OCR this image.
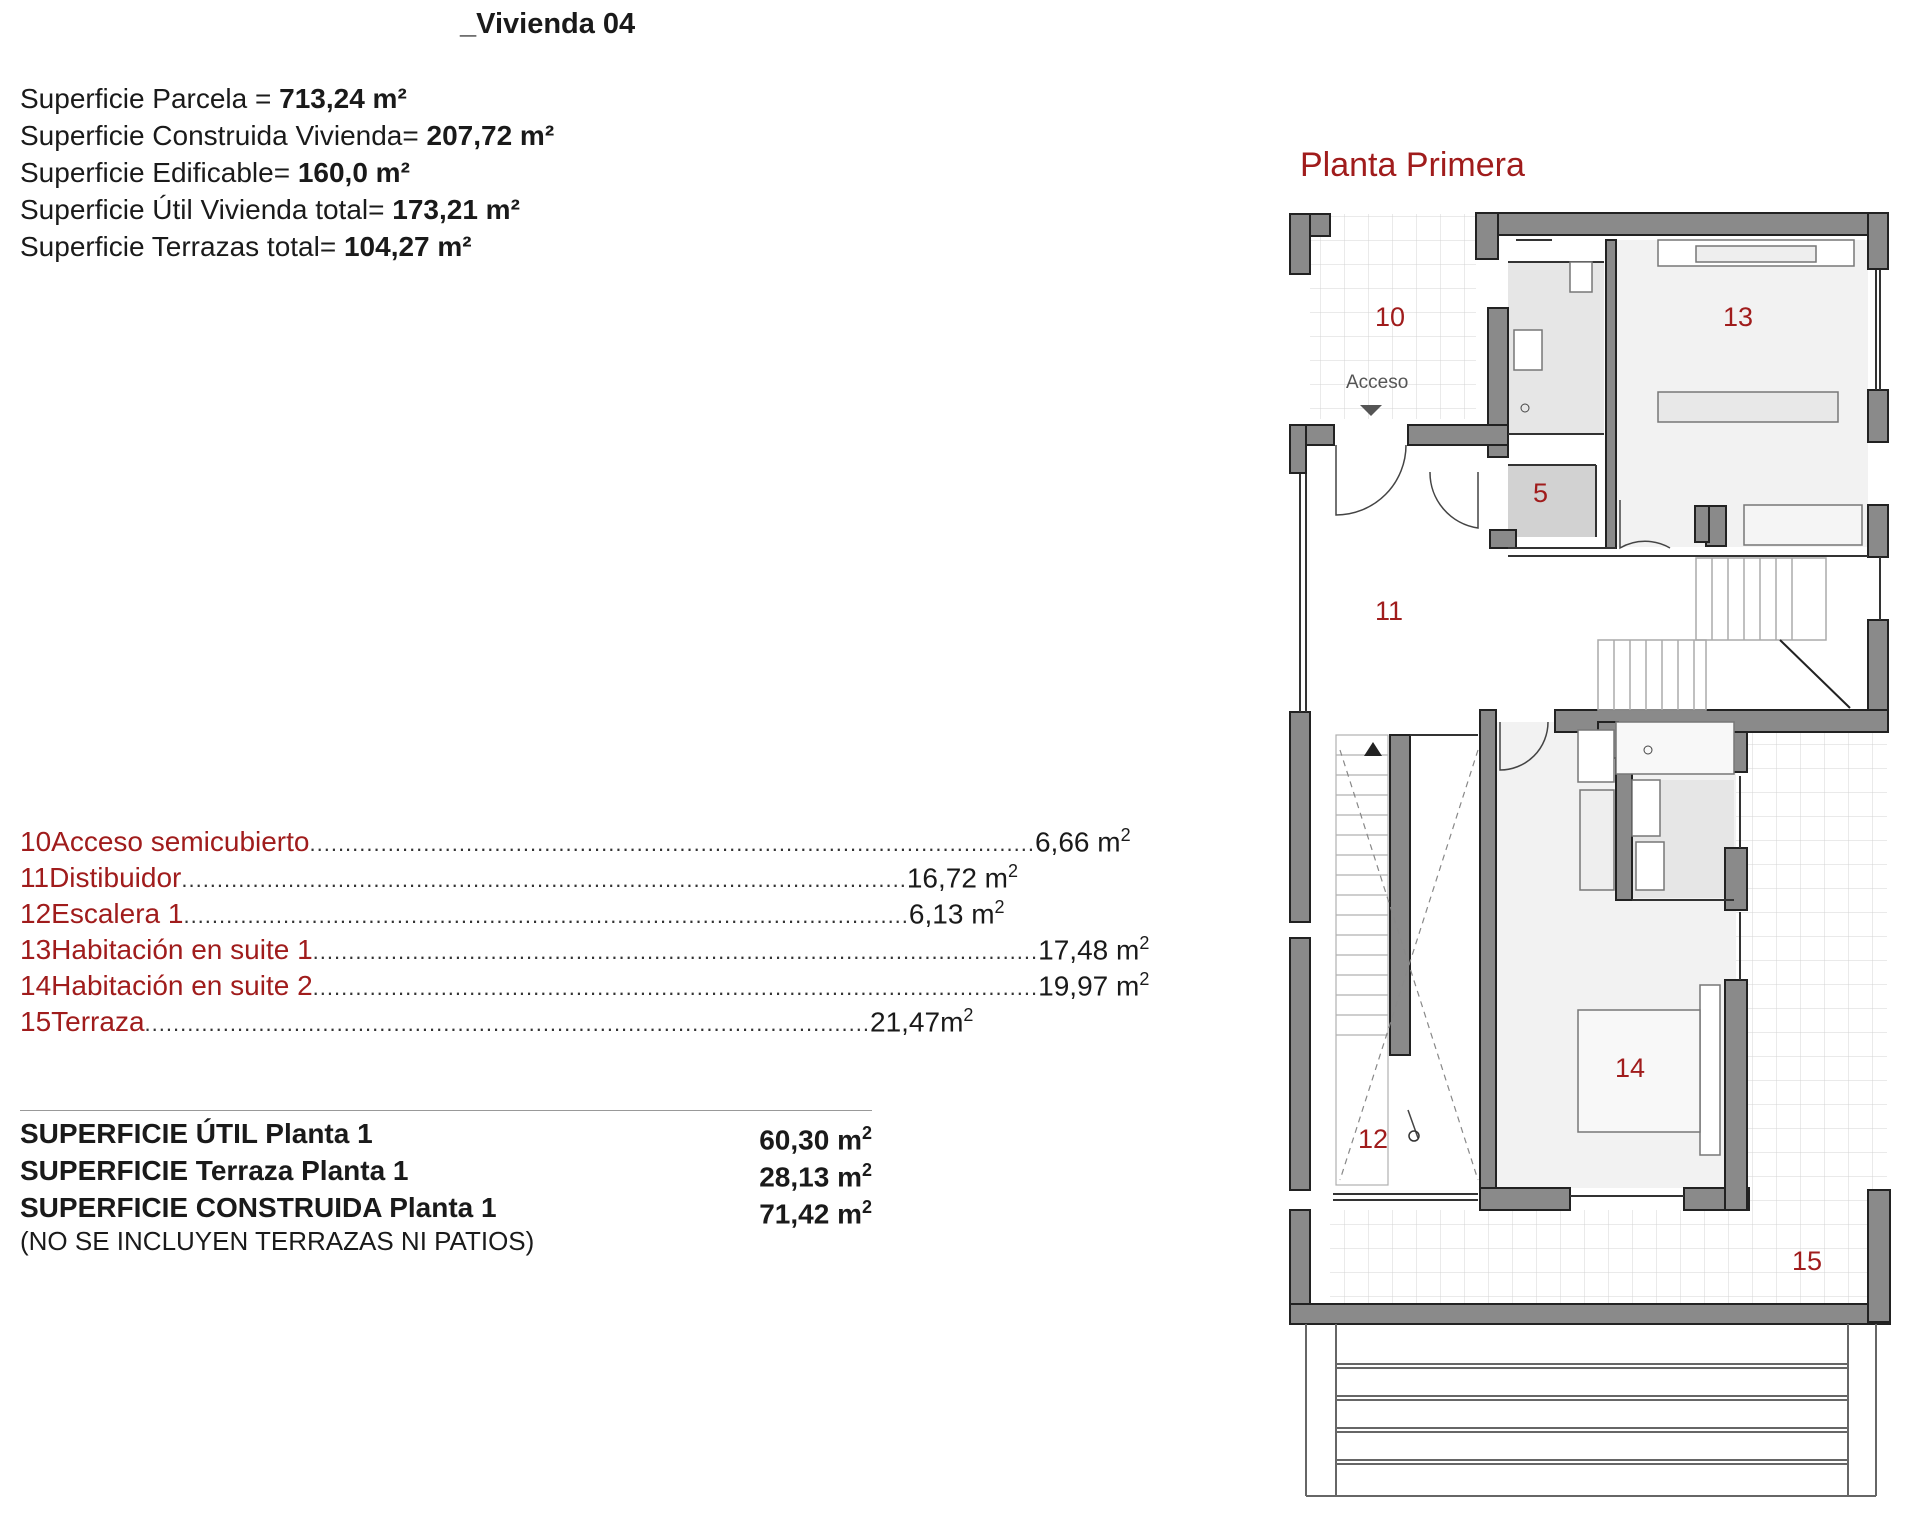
_Vivienda 04
Superficie Parcela = 713,24 m²
Superficie Construida Vivienda= 207,72 m²
Superficie Edificable= 160,0 m²
Superficie Útil Vivienda total= 173,21 m²
Superficie Terrazas total= 104,27 m²
10 Acceso semicubierto ...................................................................................................... 6,66 $m^2$
11 Distibuidor ...................................................................................................... 16,72 $m^2$
12 Escalera 1 ...................................................................................................... 6,13 $m^2$
13 Habitación en suite 1 ...................................................................................................... 17,48 $m^2$
14 Habitación en suite 2 ...................................................................................................... 19,97 $m^2$
15 Terraza ...................................................................................................... $21,47m^2$
SUPERFICIE ÚTIL Planta 1	60,30 $m^2$
SUPERFICIE Terraza Planta 1	28,13 $m^2$
SUPERFICIE CONSTRUIDA Planta 1	71,42 $m^2$
(NO SE INCLUYEN TERRAZAS NI PATIOS)
Planta Primera
Acceso
10	13
11
5
14
12
15
